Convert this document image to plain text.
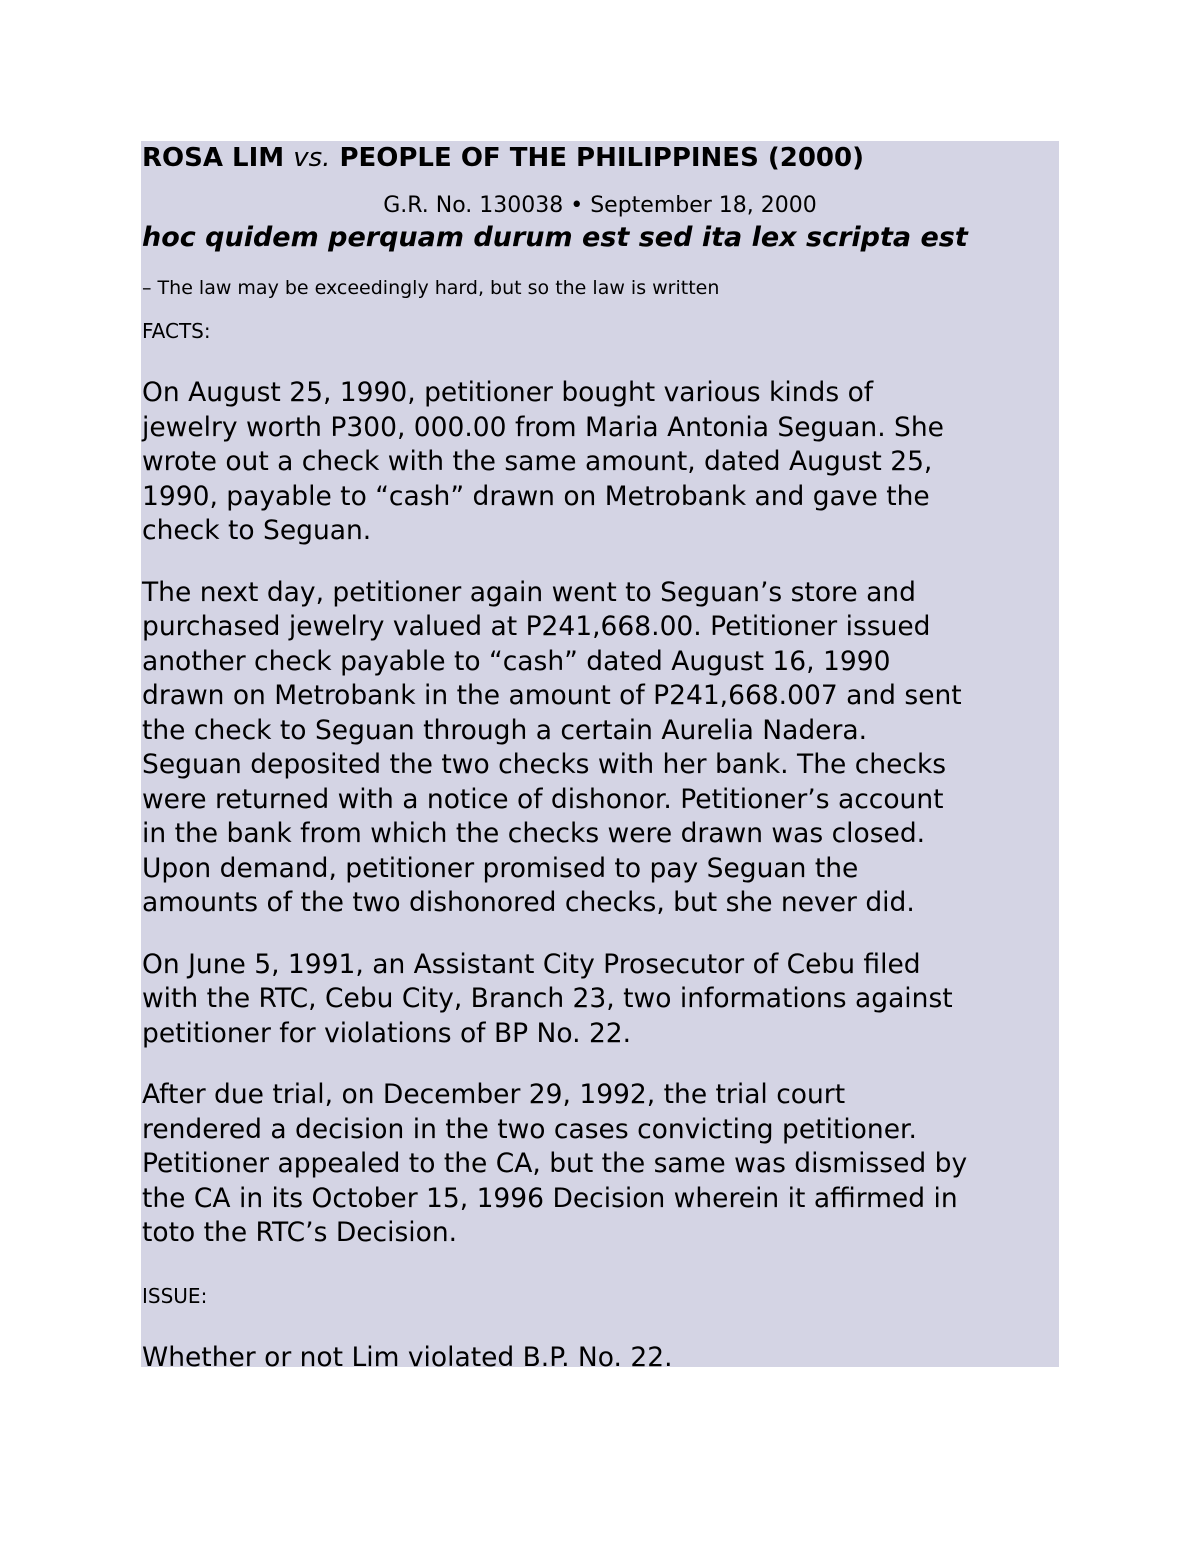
ROSA LIM vs. PEOPLE OF THE PHILIPPINES (2000)

G.R. No. 130038 • September 18, 2000

hoc quidem perquam durum est sed ita lex scripta est

– The law may be exceedingly hard, but so the law is written

FACTS:

On August 25, 1990, petitioner bought various kinds of
jewelry worth P300, 000.00 from Maria Antonia Seguan. She
wrote out a check with the same amount, dated August 25,
1990, payable to “cash” drawn on Metrobank and gave the
check to Seguan.

The next day, petitioner again went to Seguan’s store and
purchased jewelry valued at P241,668.00. Petitioner issued
another check payable to “cash” dated August 16, 1990
drawn on Metrobank in the amount of P241,668.007 and sent
the check to Seguan through a certain Aurelia Nadera.
Seguan deposited the two checks with her bank. The checks
were returned with a notice of dishonor. Petitioner’s account
in the bank from which the checks were drawn was closed.
Upon demand, petitioner promised to pay Seguan the
amounts of the two dishonored checks, but she never did.

On June 5, 1991, an Assistant City Prosecutor of Cebu filed
with the RTC, Cebu City, Branch 23, two informations against
petitioner for violations of BP No. 22.

After due trial, on December 29, 1992, the trial court
rendered a decision in the two cases convicting petitioner.
Petitioner appealed to the CA, but the same was dismissed by
the CA in its October 15, 1996 Decision wherein it affirmed in
toto the RTC’s Decision.

ISSUE:

Whether or not Lim violated B.P. No. 22.
